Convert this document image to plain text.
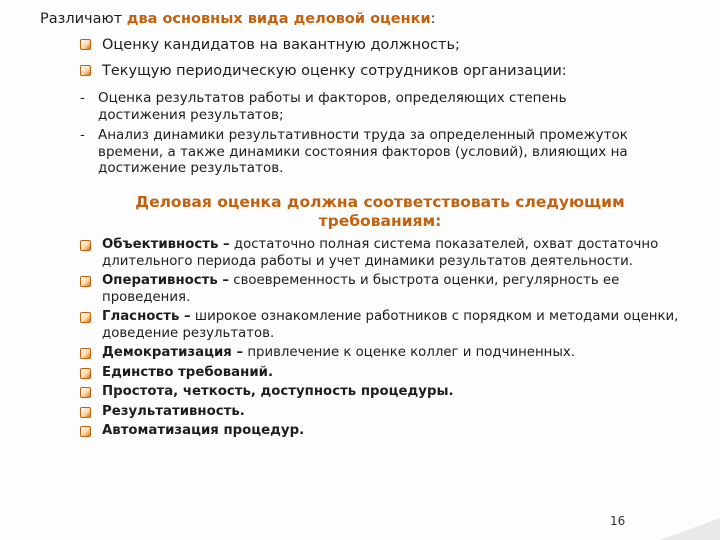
Различают два основных вида деловой оценки:
Оценку кандидатов на вакантную должность;
Текущую периодическую оценку сотрудников организации:
- Оценка результатов работы и факторов, определяющих степень достижения результатов;
- Анализ динамики результативности труда за определенный промежуток времени, а также динамики состояния факторов (условий), влияющих на достижение результатов.
Деловая оценка должна соответствовать следующим требованиям:
Объективность – достаточно полная система показателей, охват достаточно длительного периода работы и учет динамики результатов деятельности.
Оперативность – своевременность и быстрота оценки, регулярность ее проведения.
Гласность – широкое ознакомление работников с порядком и методами оценки, доведение результатов.
Демократизация – привлечение к оценке коллег и подчиненных.
Единство требований.
Простота, четкость, доступность процедуры.
Результативность.
Автоматизация процедур.
16
